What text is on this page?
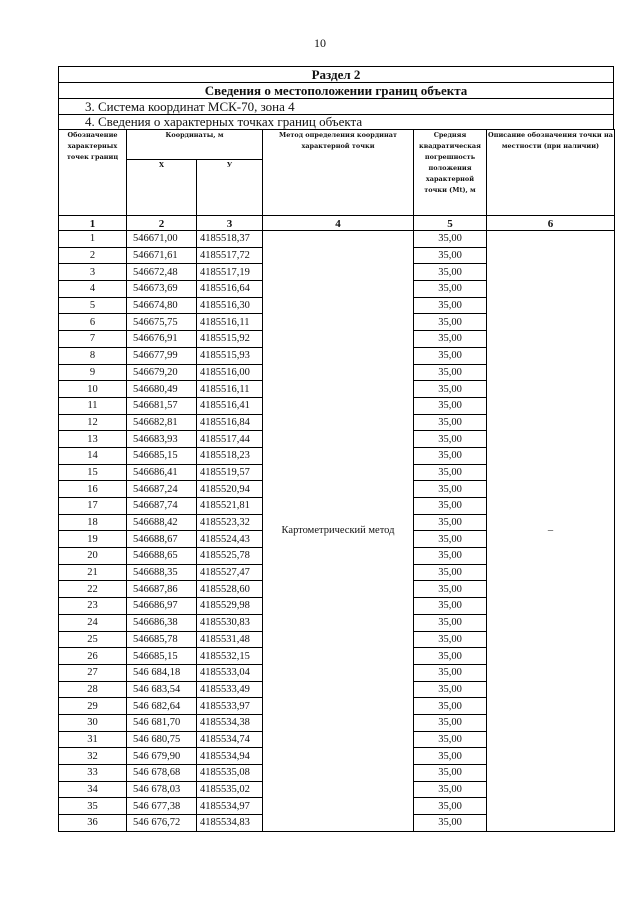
10
Раздел 2
Сведения о местоположении границ объекта
3. Система координат МСК-70, зона 4
4. Сведения о характерных точках границ объекта
Обозначение характерных точек границ	Координаты, м		Метод определения координат характерной точки	Средняя квадратическая погрешность положения характерной точки (Mt), м	Описание обозначения точки на местности (при наличии)
	X	У			
1	2	3	4	5	6
1	546671,00	4185518,37	Картометрический метод	35,00	–
2	546671,61	4185517,72		35,00	
3	546672,48	4185517,19		35,00	
4	546673,69	4185516,64		35,00	
5	546674,80	4185516,30		35,00	
6	546675,75	4185516,11		35,00	
7	546676,91	4185515,92		35,00	
8	546677,99	4185515,93		35,00	
9	546679,20	4185516,00		35,00	
10	546680,49	4185516,11		35,00	
11	546681,57	4185516,41		35,00	
12	546682,81	4185516,84		35,00	
13	546683,93	4185517,44		35,00	
14	546685,15	4185518,23		35,00	
15	546686,41	4185519,57		35,00	
16	546687,24	4185520,94		35,00	
17	546687,74	4185521,81		35,00	
18	546688,42	4185523,32		35,00	
19	546688,67	4185524,43		35,00	
20	546688,65	4185525,78		35,00	
21	546688,35	4185527,47		35,00	
22	546687,86	4185528,60		35,00	
23	546686,97	4185529,98		35,00	
24	546686,38	4185530,83		35,00	
25	546685,78	4185531,48		35,00	
26	546685,15	4185532,15		35,00	
27	546 684,18	4185533,04		35,00	
28	546 683,54	4185533,49		35,00	
29	546 682,64	4185533,97		35,00	
30	546 681,70	4185534,38		35,00	
31	546 680,75	4185534,74		35,00	
32	546 679,90	4185534,94		35,00	
33	546 678,68	4185535,08		35,00	
34	546 678,03	4185535,02		35,00	
35	546 677,38	4185534,97		35,00	
36	546 676,72	4185534,83		35,00	
